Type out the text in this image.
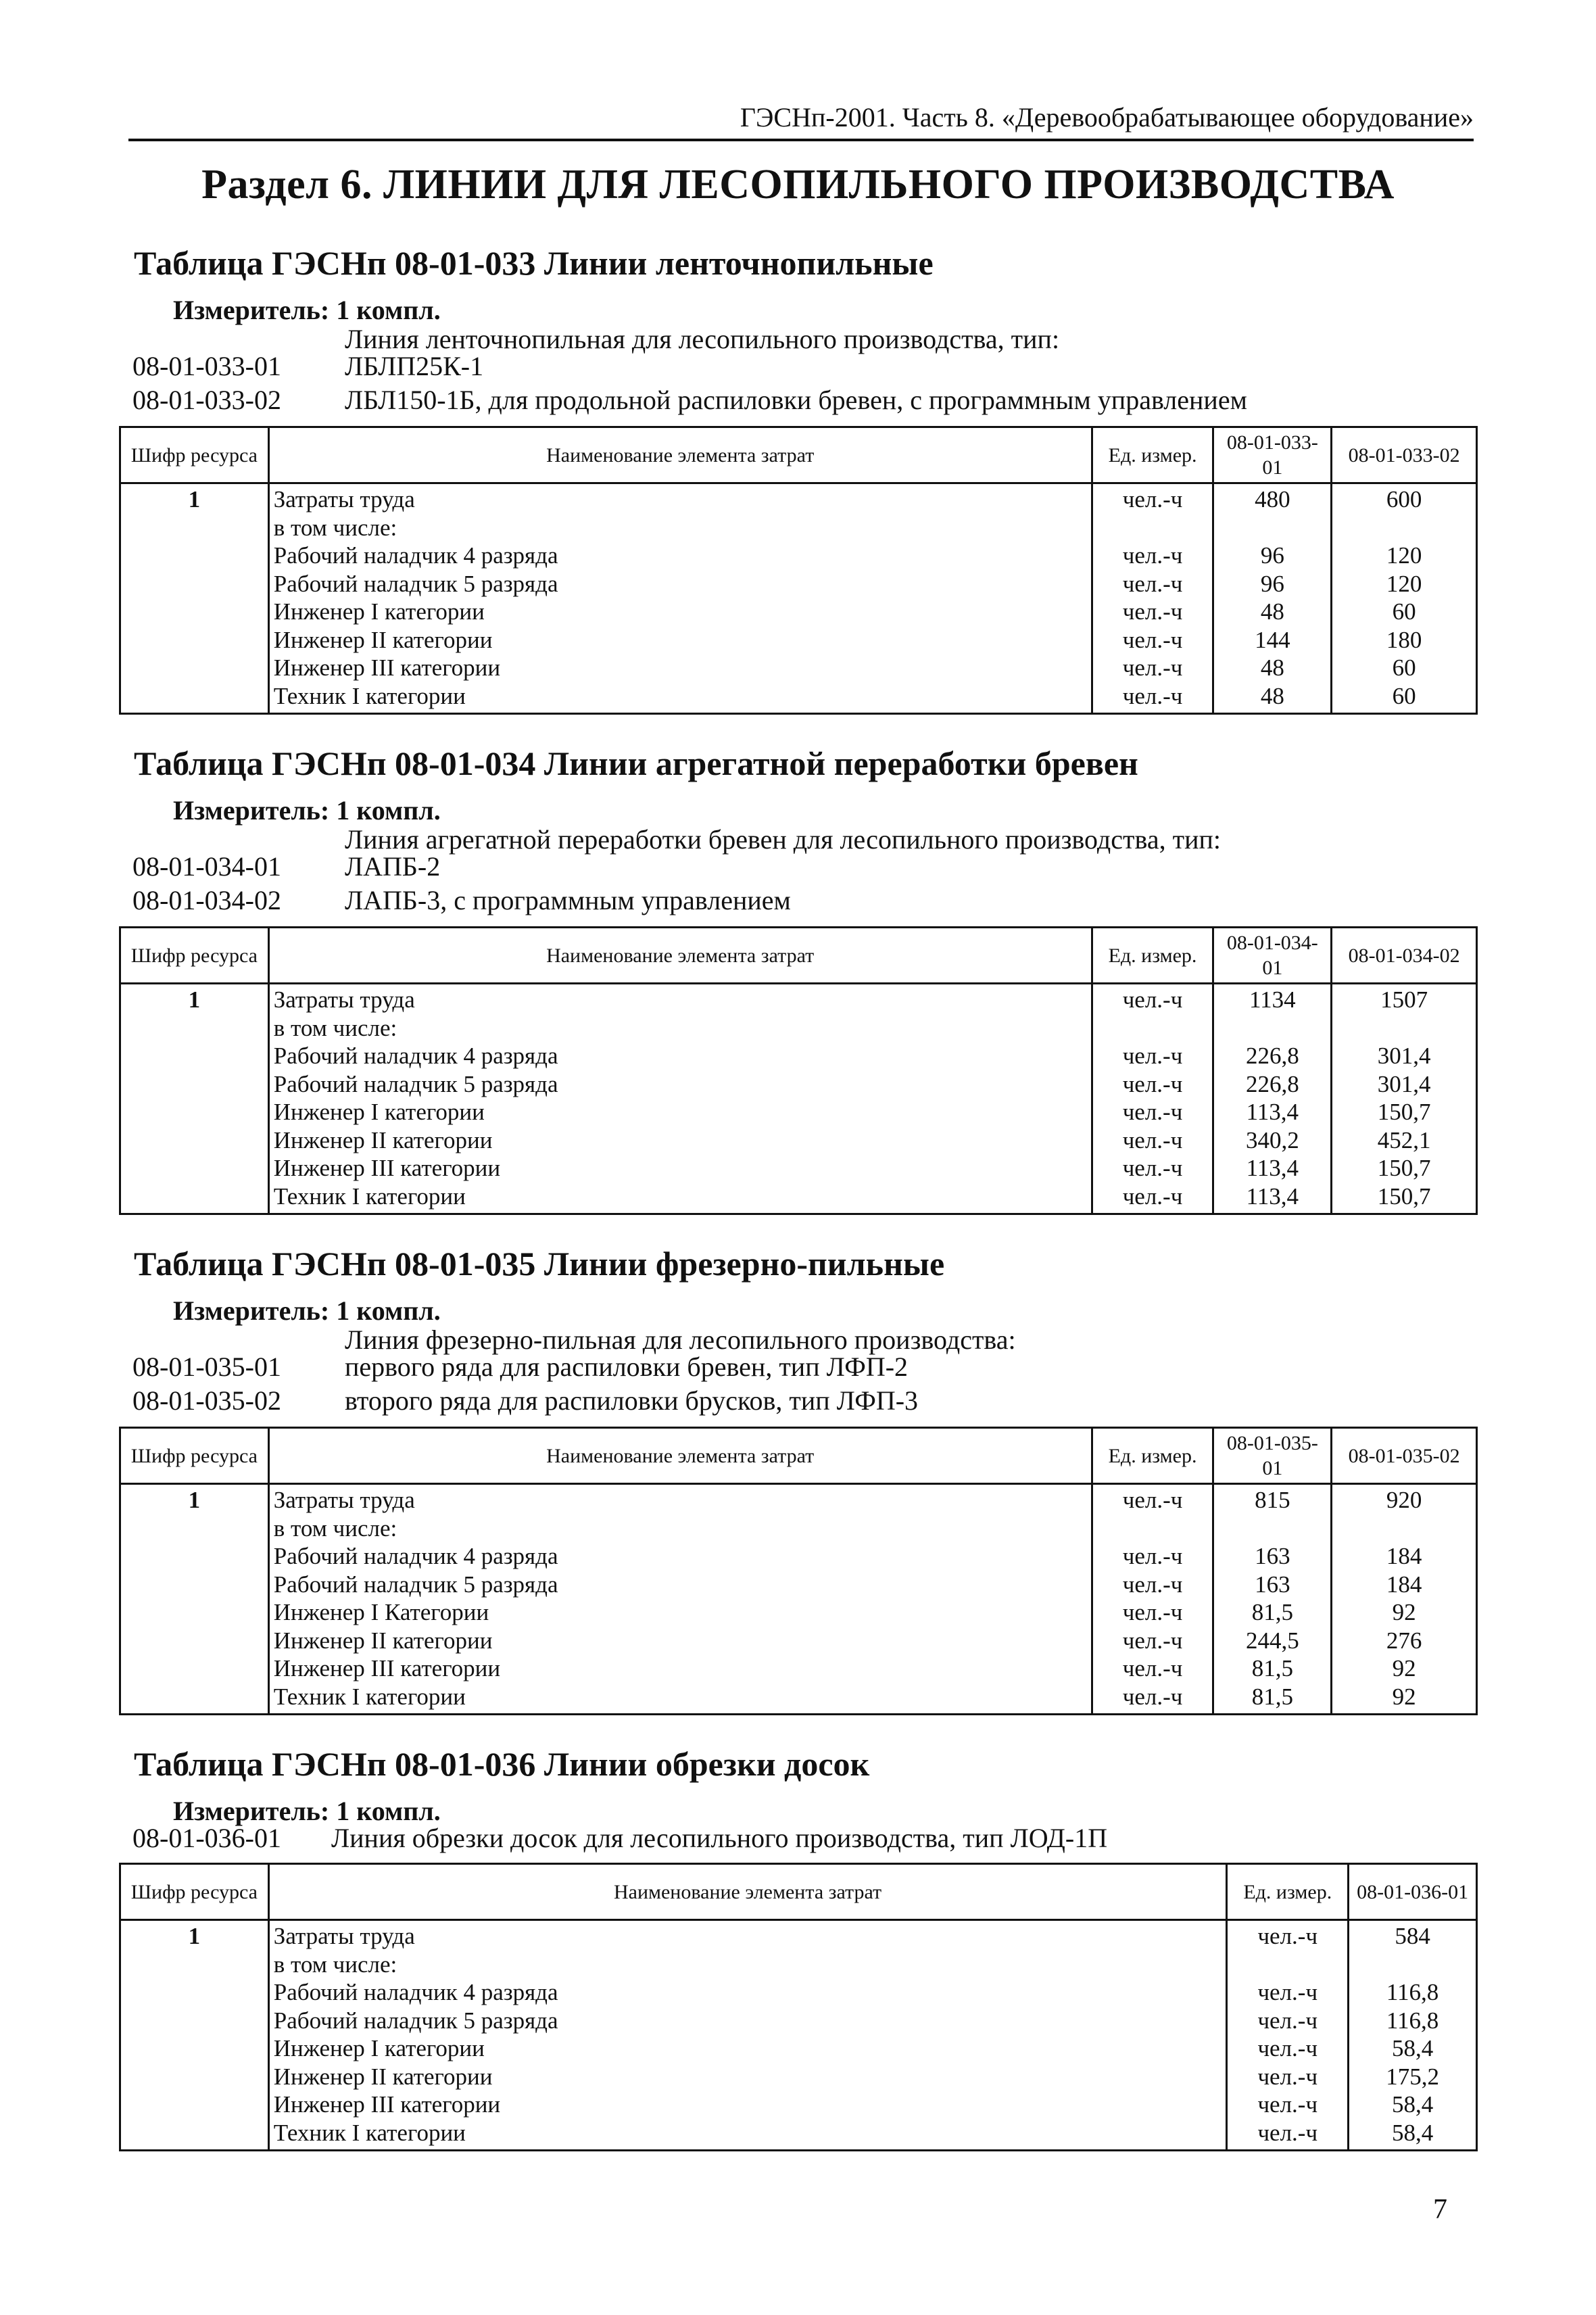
ГЭСНп-2001. Часть 8. «Деревообрабатывающее оборудование»
Раздел 6. ЛИНИИ ДЛЯ ЛЕСОПИЛЬНОГО ПРОИЗВОДСТВА
Таблица ГЭСНп 08-01-033 Линии ленточнопильные
Измеритель: 1 компл.
Линия ленточнопильная для лесопильного производства, тип:
08-01-033-01 ЛБЛП25К-1
08-01-033-02 ЛБЛ150-1Б, для продольной распиловки бревен, с программным управлением
Шифр ресурса	Наименование элемента затрат	Ед. измер.	08-01-033-01	08-01-033-02
1	Затраты труда	чел.-ч	480	600
	в том числе:			
	Рабочий наладчик 4 разряда	чел.-ч	96	120
	Рабочий наладчик 5 разряда	чел.-ч	96	120
	Инженер I категории	чел.-ч	48	60
	Инженер II категории	чел.-ч	144	180
	Инженер III категории	чел.-ч	48	60
	Техник I категории	чел.-ч	48	60
Таблица ГЭСНп 08-01-034 Линии агрегатной переработки бревен
Измеритель: 1 компл.
Линия агрегатной переработки бревен для лесопильного производства, тип:
08-01-034-01 ЛАПБ-2
08-01-034-02 ЛАПБ-3, с программным управлением
Шифр ресурса	Наименование элемента затрат	Ед. измер.	08-01-034-01	08-01-034-02
1	Затраты труда	чел.-ч	1134	1507
	в том числе:			
	Рабочий наладчик 4 разряда	чел.-ч	226,8	301,4
	Рабочий наладчик 5 разряда	чел.-ч	226,8	301,4
	Инженер I категории	чел.-ч	113,4	150,7
	Инженер II категории	чел.-ч	340,2	452,1
	Инженер III категории	чел.-ч	113,4	150,7
	Техник I категории	чел.-ч	113,4	150,7
Таблица ГЭСНп 08-01-035 Линии фрезерно-пильные
Измеритель: 1 компл.
Линия фрезерно-пильная для лесопильного производства:
08-01-035-01 первого ряда для распиловки бревен, тип ЛФП-2
08-01-035-02 второго ряда для распиловки брусков, тип ЛФП-3
Шифр ресурса	Наименование элемента затрат	Ед. измер.	08-01-035-01	08-01-035-02
1	Затраты труда	чел.-ч	815	920
	в том числе:			
	Рабочий наладчик 4 разряда	чел.-ч	163	184
	Рабочий наладчик 5 разряда	чел.-ч	163	184
	Инженер I Категории	чел.-ч	81,5	92
	Инженер II категории	чел.-ч	244,5	276
	Инженер III категории	чел.-ч	81,5	92
	Техник I категории	чел.-ч	81,5	92
Таблица ГЭСНп 08-01-036 Линии обрезки досок
Измеритель: 1 компл.
08-01-036-01 Линия обрезки досок для лесопильного производства, тип ЛОД-1П
Шифр ресурса	Наименование элемента затрат	Ед. измер.	08-01-036-01
1	Затраты труда	чел.-ч	584
	в том числе:		
	Рабочий наладчик 4 разряда	чел.-ч	116,8
	Рабочий наладчик 5 разряда	чел.-ч	116,8
	Инженер I категории	чел.-ч	58,4
	Инженер II категории	чел.-ч	175,2
	Инженер III категории	чел.-ч	58,4
	Техник I категории	чел.-ч	58,4
7
